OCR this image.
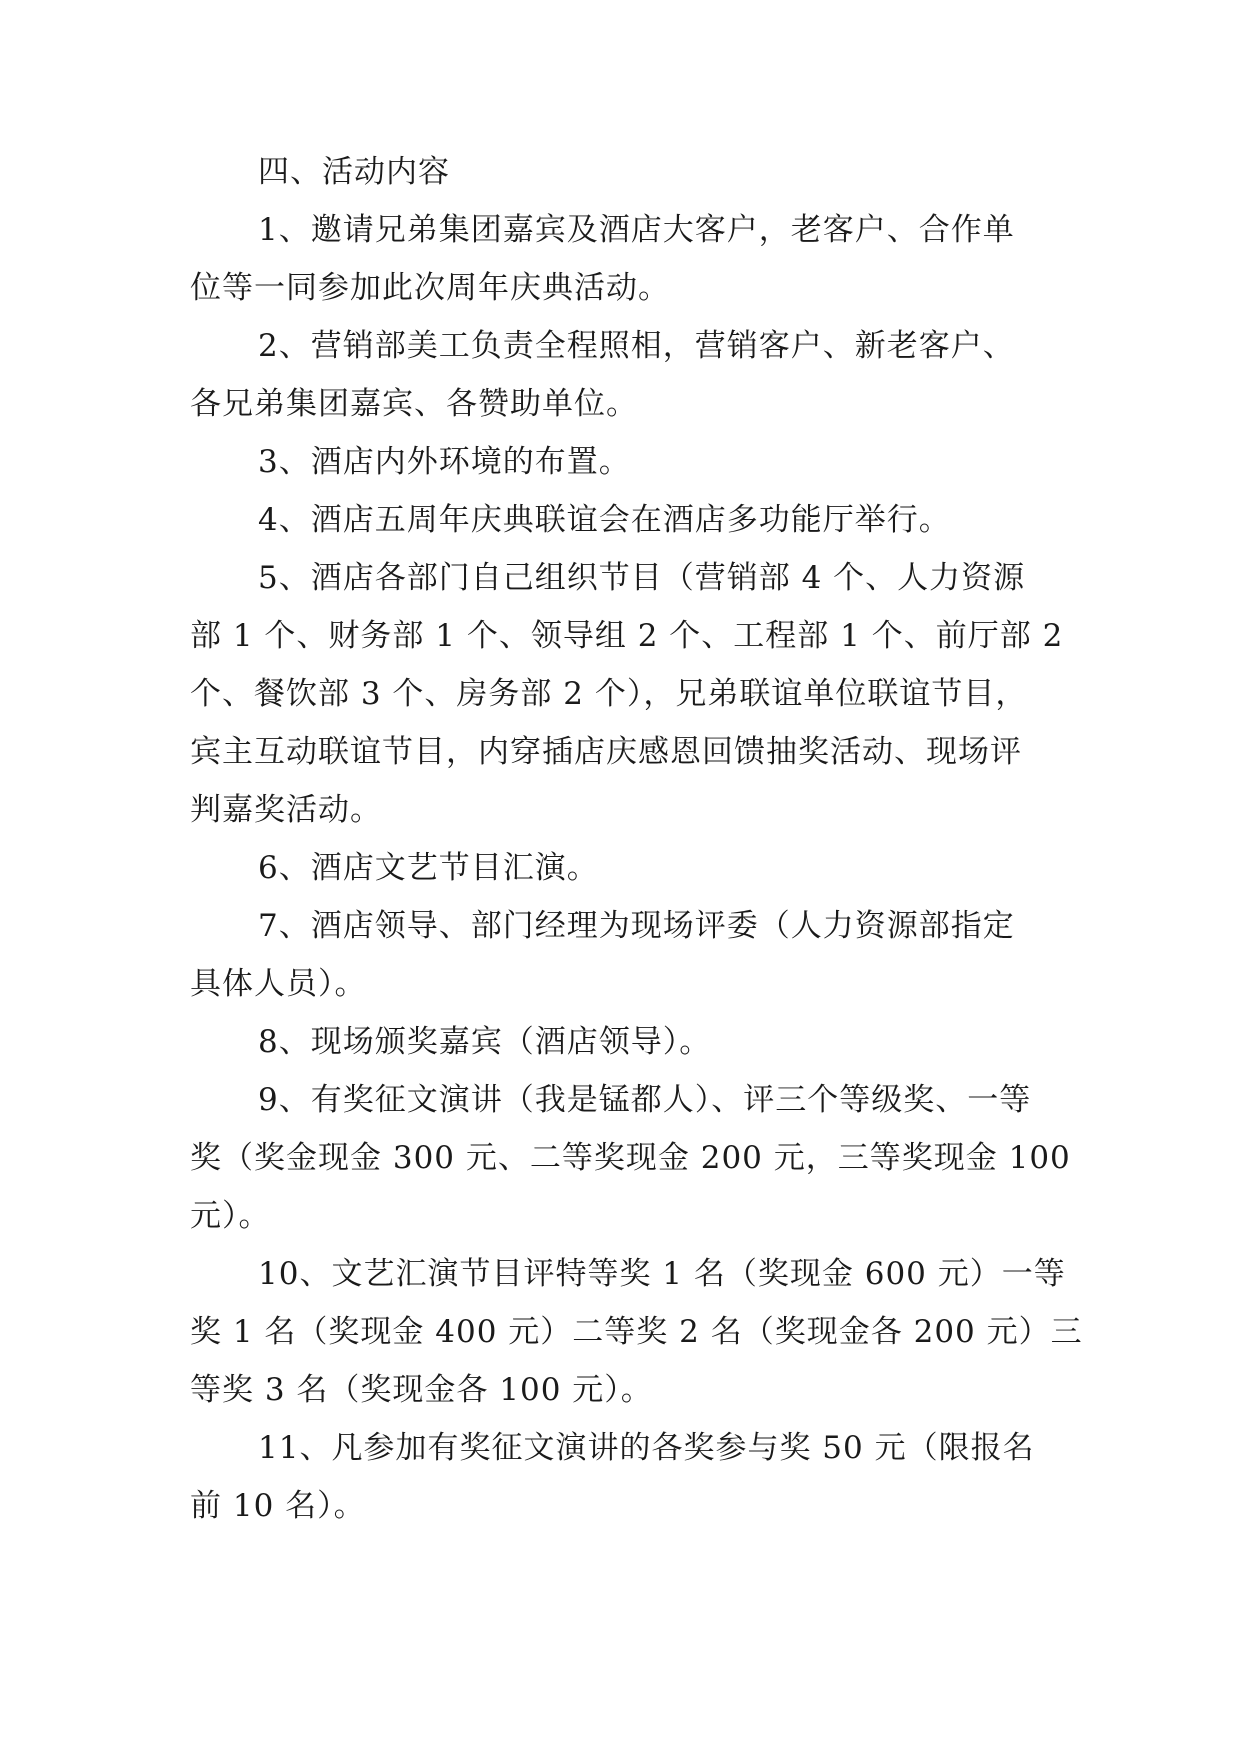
四、活动内容
1、邀请兄弟集团嘉宾及酒店大客户，老客户、合作单
位等一同参加此次周年庆典活动。
2、营销部美工负责全程照相，营销客户、新老客户、
各兄弟集团嘉宾、各赞助单位。
3、酒店内外环境的布置。
4、酒店五周年庆典联谊会在酒店多功能厅举行。
5、酒店各部门自己组织节目（营销部 4 个、人力资源
部 1 个、财务部 1 个、领导组 2 个、工程部 1 个、前厅部 2
个、餐饮部 3 个、房务部 2 个），兄弟联谊单位联谊节目，
宾主互动联谊节目，内穿插店庆感恩回馈抽奖活动、现场评
判嘉奖活动。
6、酒店文艺节目汇演。
7、酒店领导、部门经理为现场评委（人力资源部指定
具体人员）。
8、现场颁奖嘉宾（酒店领导）。
9、有奖征文演讲（我是锰都人）、评三个等级奖、一等
奖（奖金现金 300 元、二等奖现金 200 元，三等奖现金 100
元）。
10、文艺汇演节目评特等奖 1 名（奖现金 600 元）一等
奖 1 名（奖现金 400 元）二等奖 2 名（奖现金各 200 元）三
等奖 3 名（奖现金各 100 元）。
11、凡参加有奖征文演讲的各奖参与奖 50 元（限报名
前 10 名）。
